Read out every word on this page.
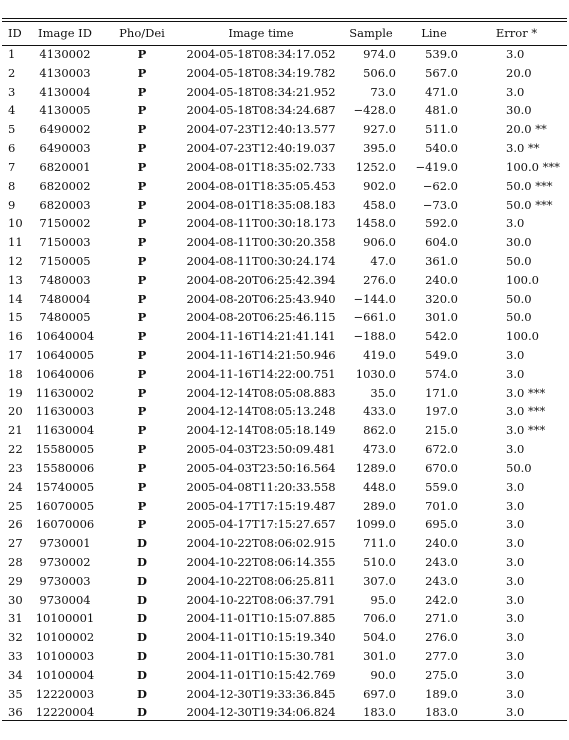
ID	Image ID	Pho/Dei	Image time	Sample	Line	Error *
1	4130002	P	2004-05-18T08:34:17.052	974.0	539.0	3.0
2	4130003	P	2004-05-18T08:34:19.782	506.0	567.0	20.0
3	4130004	P	2004-05-18T08:34:21.952	73.0	471.0	3.0
4	4130005	P	2004-05-18T08:34:24.687	−428.0	481.0	30.0
5	6490002	P	2004-07-23T12:40:13.577	927.0	511.0	20.0 **
6	6490003	P	2004-07-23T12:40:19.037	395.0	540.0	3.0 **
7	6820001	P	2004-08-01T18:35:02.733	1252.0	−419.0	100.0 ***
8	6820002	P	2004-08-01T18:35:05.453	902.0	−62.0	50.0 ***
9	6820003	P	2004-08-01T18:35:08.183	458.0	−73.0	50.0 ***
10	7150002	P	2004-08-11T00:30:18.173	1458.0	592.0	3.0
11	7150003	P	2004-08-11T00:30:20.358	906.0	604.0	30.0
12	7150005	P	2004-08-11T00:30:24.174	47.0	361.0	50.0
13	7480003	P	2004-08-20T06:25:42.394	276.0	240.0	100.0
14	7480004	P	2004-08-20T06:25:43.940	−144.0	320.0	50.0
15	7480005	P	2004-08-20T06:25:46.115	−661.0	301.0	50.0
16	10640004	P	2004-11-16T14:21:41.141	−188.0	542.0	100.0
17	10640005	P	2004-11-16T14:21:50.946	419.0	549.0	3.0
18	10640006	P	2004-11-16T14:22:00.751	1030.0	574.0	3.0
19	11630002	P	2004-12-14T08:05:08.883	35.0	171.0	3.0 ***
20	11630003	P	2004-12-14T08:05:13.248	433.0	197.0	3.0 ***
21	11630004	P	2004-12-14T08:05:18.149	862.0	215.0	3.0 ***
22	15580005	P	2005-04-03T23:50:09.481	473.0	672.0	3.0
23	15580006	P	2005-04-03T23:50:16.564	1289.0	670.0	50.0
24	15740005	P	2005-04-08T11:20:33.558	448.0	559.0	3.0
25	16070005	P	2005-04-17T17:15:19.487	289.0	701.0	3.0
26	16070006	P	2005-04-17T17:15:27.657	1099.0	695.0	3.0
27	9730001	D	2004-10-22T08:06:02.915	711.0	240.0	3.0
28	9730002	D	2004-10-22T08:06:14.355	510.0	243.0	3.0
29	9730003	D	2004-10-22T08:06:25.811	307.0	243.0	3.0
30	9730004	D	2004-10-22T08:06:37.791	95.0	242.0	3.0
31	10100001	D	2004-11-01T10:15:07.885	706.0	271.0	3.0
32	10100002	D	2004-11-01T10:15:19.340	504.0	276.0	3.0
33	10100003	D	2004-11-01T10:15:30.781	301.0	277.0	3.0
34	10100004	D	2004-11-01T10:15:42.769	90.0	275.0	3.0
35	12220003	D	2004-12-30T19:33:36.845	697.0	189.0	3.0
36	12220004	D	2004-12-30T19:34:06.824	183.0	183.0	3.0
